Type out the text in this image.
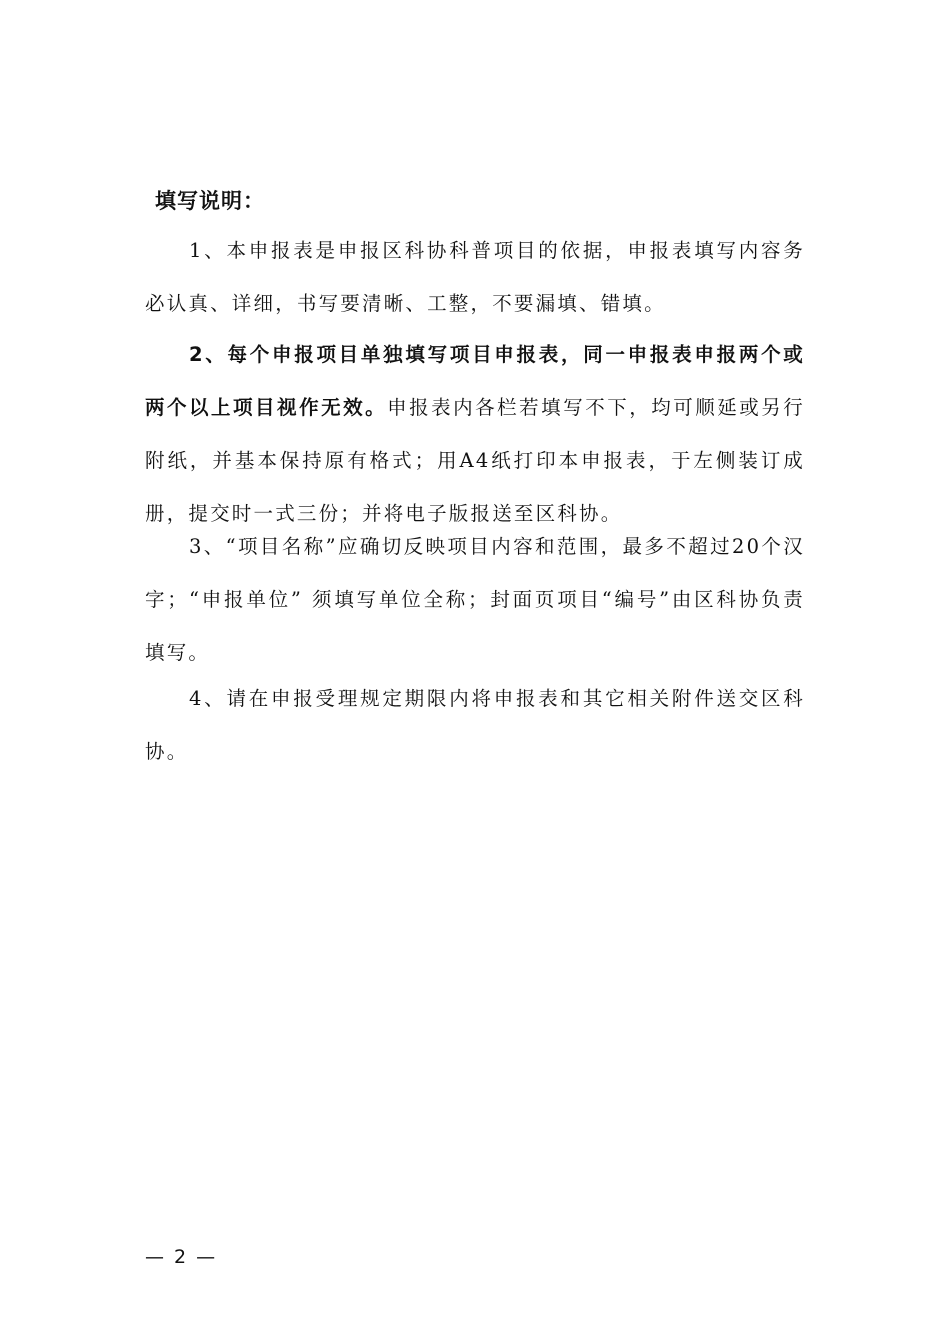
填写说明：

1、本申报表是申报区科协科普项目的依据，申报表填写内容务必认真、详细，书写要清晰、工整，不要漏填、错填。

2、每个申报项目单独填写项目申报表，同一申报表申报两个或两个以上项目视作无效。申报表内各栏若填写不下，均可顺延或另行附纸，并基本保持原有格式；用A4纸打印本申报表，于左侧装订成册，提交时一式三份；并将电子版报送至区科协。

3、“项目名称”应确切反映项目内容和范围，最多不超过20个汉字；“申报单位” 须填写单位全称；封面页项目“编号”由区科协负责填写。

4、请在申报受理规定期限内将申报表和其它相关附件送交区科协。

— 2 —
